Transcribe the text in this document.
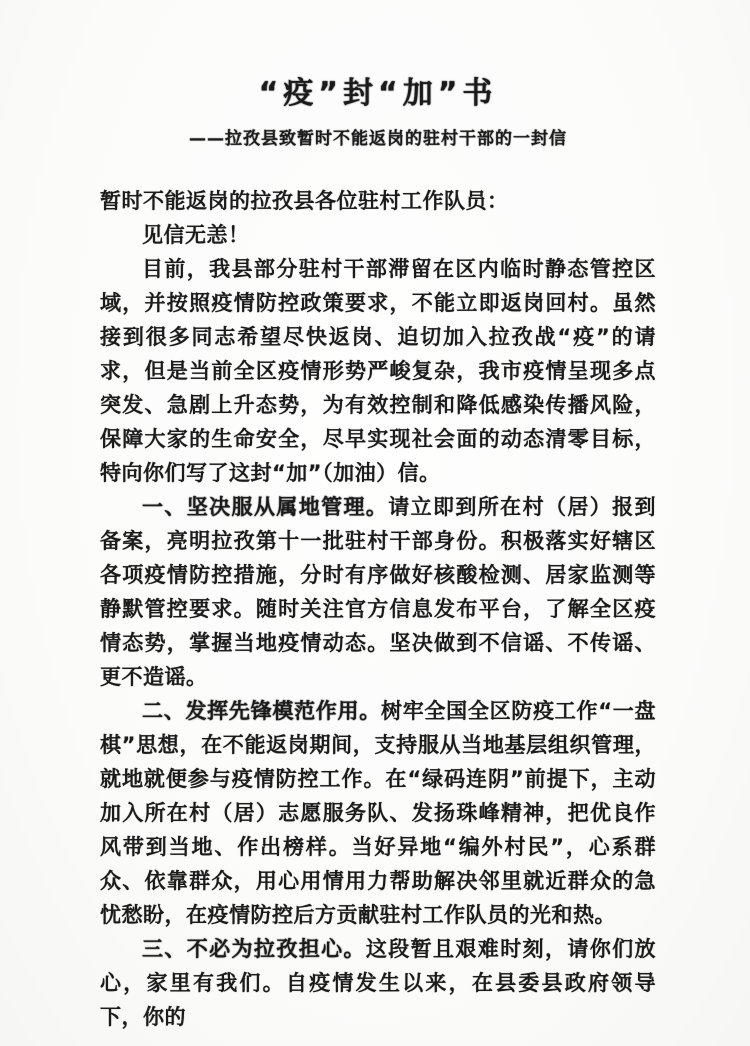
“疫”封“加”书
——拉孜县致暂时不能返岗的驻村干部的一封信

暂时不能返岗的拉孜县各位驻村工作队员：

见信无恙！

目前，我县部分驻村干部滞留在区内临时静态管控区域，并按照疫情防控政策要求，不能立即返岗回村。虽然接到很多同志希望尽快返岗、迫切加入拉孜战“疫”的请求，但是当前全区疫情形势严峻复杂，我市疫情呈现多点突发、急剧上升态势，为有效控制和降低感染传播风险，保障大家的生命安全，尽早实现社会面的动态清零目标，特向你们写了这封“加”（加油）信。

一、坚决服从属地管理。请立即到所在村（居）报到备案，亮明拉孜第十一批驻村干部身份。积极落实好辖区各项疫情防控措施，分时有序做好核酸检测、居家监测等静默管控要求。随时关注官方信息发布平台，了解全区疫情态势，掌握当地疫情动态。坚决做到不信谣、不传谣、更不造谣。

二、发挥先锋模范作用。树牢全国全区防疫工作“一盘棋”思想，在不能返岗期间，支持服从当地基层组织管理，就地就便参与疫情防控工作。在“绿码连阴”前提下，主动加入所在村（居）志愿服务队、发扬珠峰精神，把优良作风带到当地、作出榜样。当好异地“编外村民”，心系群众、依靠群众，用心用情用力帮助解决邻里就近群众的急忧愁盼，在疫情防控后方贡献驻村工作队员的光和热。

三、不必为拉孜担心。这段暂且艰难时刻，请你们放心，家里有我们。自疫情发生以来，在县委县政府领导下，你的
